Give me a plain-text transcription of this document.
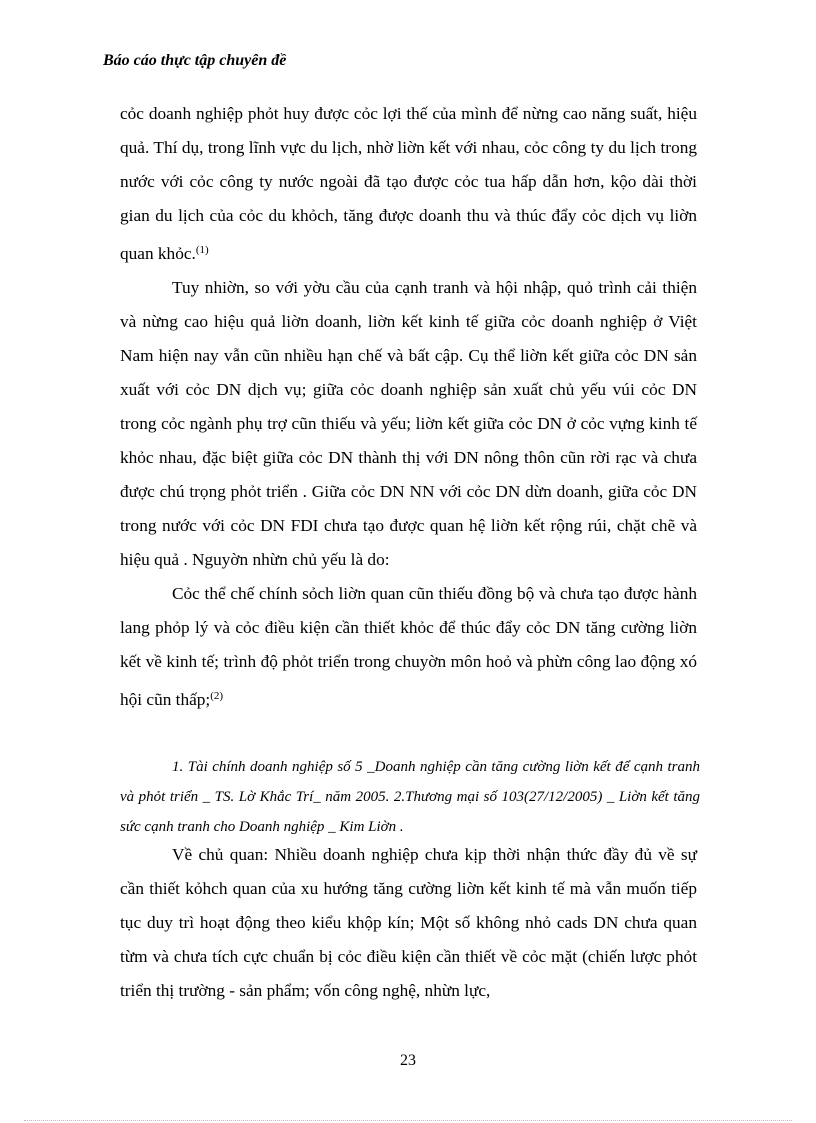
Báo cáo thực tập chuyên đề

cỏc doanh nghiệp phỏt huy được cỏc lợi thế của mình để nừng cao năng suất, hiệu quả. Thí dụ, trong lĩnh vực du lịch, nhờ liờn kết với nhau, cỏc công ty du lịch trong nước với cỏc công ty nước ngoài đã tạo được cỏc tua hấp dẫn hơn, kộo dài thời gian du lịch của cỏc du khỏch, tăng được doanh thu và thúc đẩy cỏc dịch vụ liờn quan khỏc.$^{(1)}$

Tuy nhiờn, so với yờu cầu của cạnh tranh và hội nhập, quỏ trình cải thiện và nừng cao hiệu quả liờn doanh, liờn kết kinh tế giữa cỏc doanh nghiệp ở Việt Nam hiện nay vẫn cũn nhiều hạn chế và bất cập. Cụ thể liờn kết giữa cỏc DN sản xuất với cỏc DN dịch vụ; giữa cỏc doanh nghiệp sản xuất chủ yếu vúi cỏc DN trong cỏc ngành phụ trợ cũn thiếu và yếu; liờn kết giữa cỏc DN ở cỏc vựng kinh tế khỏc nhau, đặc biệt giữa cỏc DN thành thị với DN nông thôn cũn rời rạc và chưa được chú trọng phỏt triển . Giữa cỏc DN NN với cỏc DN dừn doanh, giữa cỏc DN trong nước với cỏc DN FDI chưa tạo được quan hệ liờn kết rộng rúi, chặt chẽ và hiệu quả . Nguyờn nhừn chủ yếu là do:

Cỏc thể chế chính sỏch liờn quan cũn thiếu đồng bộ và chưa tạo được hành lang phỏp lý và cỏc điều kiện cần thiết khỏc để thúc đẩy cỏc DN tăng cường liờn kết về kinh tế; trình độ phỏt triển trong chuyờn môn hoỏ và phừn công lao động xó hội cũn thấp;$^{(2)}$

1. Tài chính doanh nghiệp số 5 _Doanh nghiệp cần tăng cường liờn kết để cạnh tranh và phỏt triển _ TS. Lờ Khắc Trí_ năm 2005. 2.Thương mại số 103(27/12/2005) _ Liờn kết tăng sức cạnh tranh cho Doanh nghiệp _ Kim Liờn .

Về chủ quan: Nhiều doanh nghiệp chưa kịp thời nhận thức đầy đủ về sự cần thiết kỏhch quan của xu hướng tăng cường liờn kết kinh tế mà vẫn muốn tiếp tục duy trì hoạt động theo kiểu khộp kín; Một số không nhỏ cads DN chưa quan từm và chưa tích cực chuẩn bị cỏc điều kiện cần thiết về cỏc mặt (chiến lược phỏt triển thị trường - sản phẩm; vốn công nghệ, nhừn lực,

23
